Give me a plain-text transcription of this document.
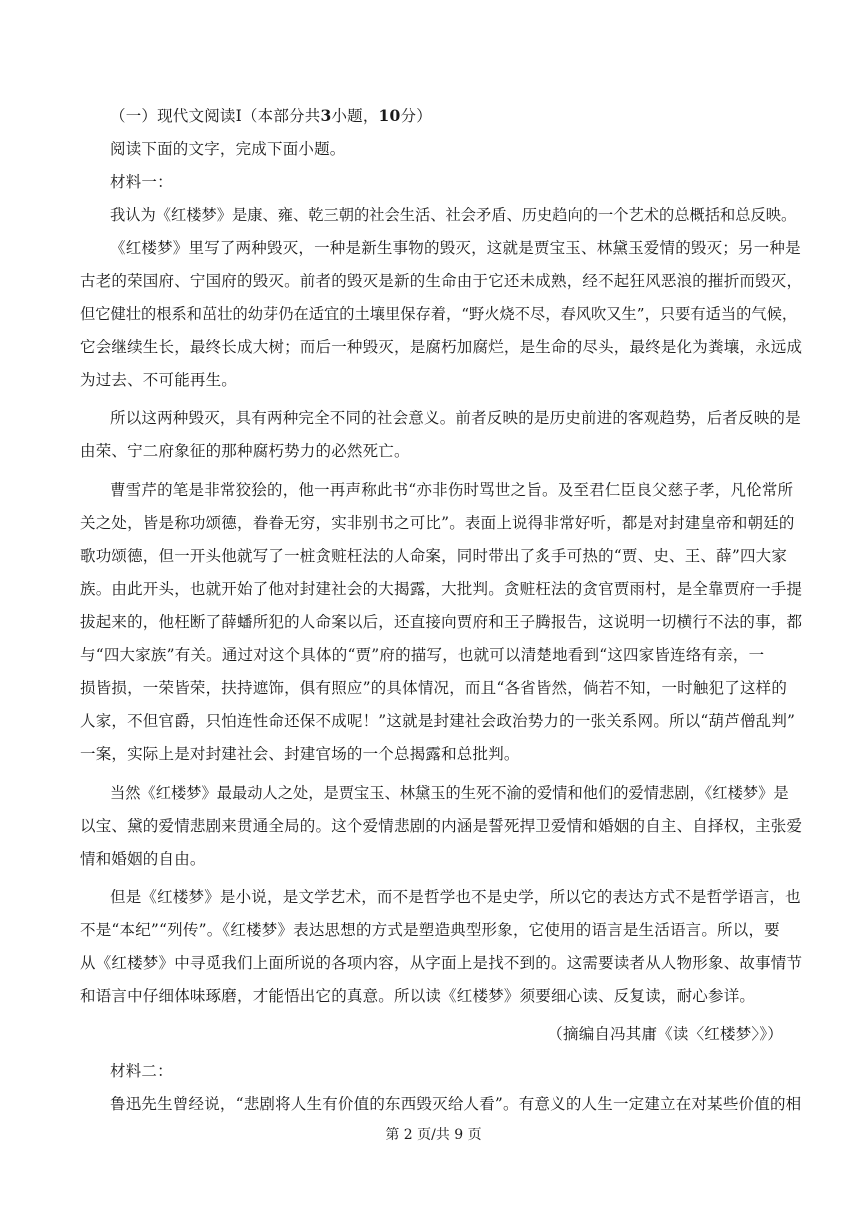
（一）现代文阅读Ⅰ（本部分共3小题，10分）
阅读下面的文字，完成下面小题。
材料一：
我认为《红楼梦》是康、雍、乾三朝的社会生活、社会矛盾、历史趋向的一个艺术的总概括和总反映。
《红楼梦》里写了两种毁灭，一种是新生事物的毁灭，这就是贾宝玉、林黛玉爱情的毁灭；另一种是
古老的荣国府、宁国府的毁灭。前者的毁灭是新的生命由于它还未成熟，经不起狂风恶浪的摧折而毁灭，
但它健壮的根系和茁壮的幼芽仍在适宜的土壤里保存着，“野火烧不尽，春风吹又生”，只要有适当的气候，
它会继续生长，最终长成大树；而后一种毁灭，是腐朽加腐烂，是生命的尽头，最终是化为粪壤，永远成
为过去、不可能再生。
所以这两种毁灭，具有两种完全不同的社会意义。前者反映的是历史前进的客观趋势，后者反映的是
由荣、宁二府象征的那种腐朽势力的必然死亡。
曹雪芹的笔是非常狡狯的，他一再声称此书“亦非伤时骂世之旨。及至君仁臣良父慈子孝，凡伦常所
关之处，皆是称功颂德，眷眷无穷，实非别书之可比”。表面上说得非常好听，都是对封建皇帝和朝廷的
歌功颂德，但一开头他就写了一桩贪赃枉法的人命案，同时带出了炙手可热的“贾、史、王、薛”四大家
族。由此开头，也就开始了他对封建社会的大揭露，大批判。贪赃枉法的贪官贾雨村，是全靠贾府一手提
拔起来的，他枉断了薛蟠所犯的人命案以后，还直接向贾府和王子腾报告，这说明一切横行不法的事，都
与“四大家族”有关。通过对这个具体的“贾”府的描写，也就可以清楚地看到“这四家皆连络有亲，一
损皆损，一荣皆荣，扶持遮饰，俱有照应”的具体情况，而且“各省皆然，倘若不知，一时触犯了这样的
人家，不但官爵，只怕连性命还保不成呢！”这就是封建社会政治势力的一张关系网。所以“葫芦僧乱判”
一案，实际上是对封建社会、封建官场的一个总揭露和总批判。
当然《红楼梦》最最动人之处，是贾宝玉、林黛玉的生死不渝的爱情和他们的爱情悲剧，《红楼梦》是
以宝、黛的爱情悲剧来贯通全局的。这个爱情悲剧的内涵是誓死捍卫爱情和婚姻的自主、自择权，主张爱
情和婚姻的自由。
但是《红楼梦》是小说，是文学艺术，而不是哲学也不是史学，所以它的表达方式不是哲学语言，也
不是“本纪”“列传”。《红楼梦》表达思想的方式是塑造典型形象，它使用的语言是生活语言。所以，要
从《红楼梦》中寻觅我们上面所说的各项内容，从字面上是找不到的。这需要读者从人物形象、故事情节
和语言中仔细体味琢磨，才能悟出它的真意。所以读《红楼梦》须要细心读、反复读，耐心参详。
（摘编自冯其庸《读〈红楼梦〉》）
材料二：
鲁迅先生曾经说，“悲剧将人生有价值的东西毁灭给人看”。有意义的人生一定建立在对某些价值的相
第 2 页/共 9 页
